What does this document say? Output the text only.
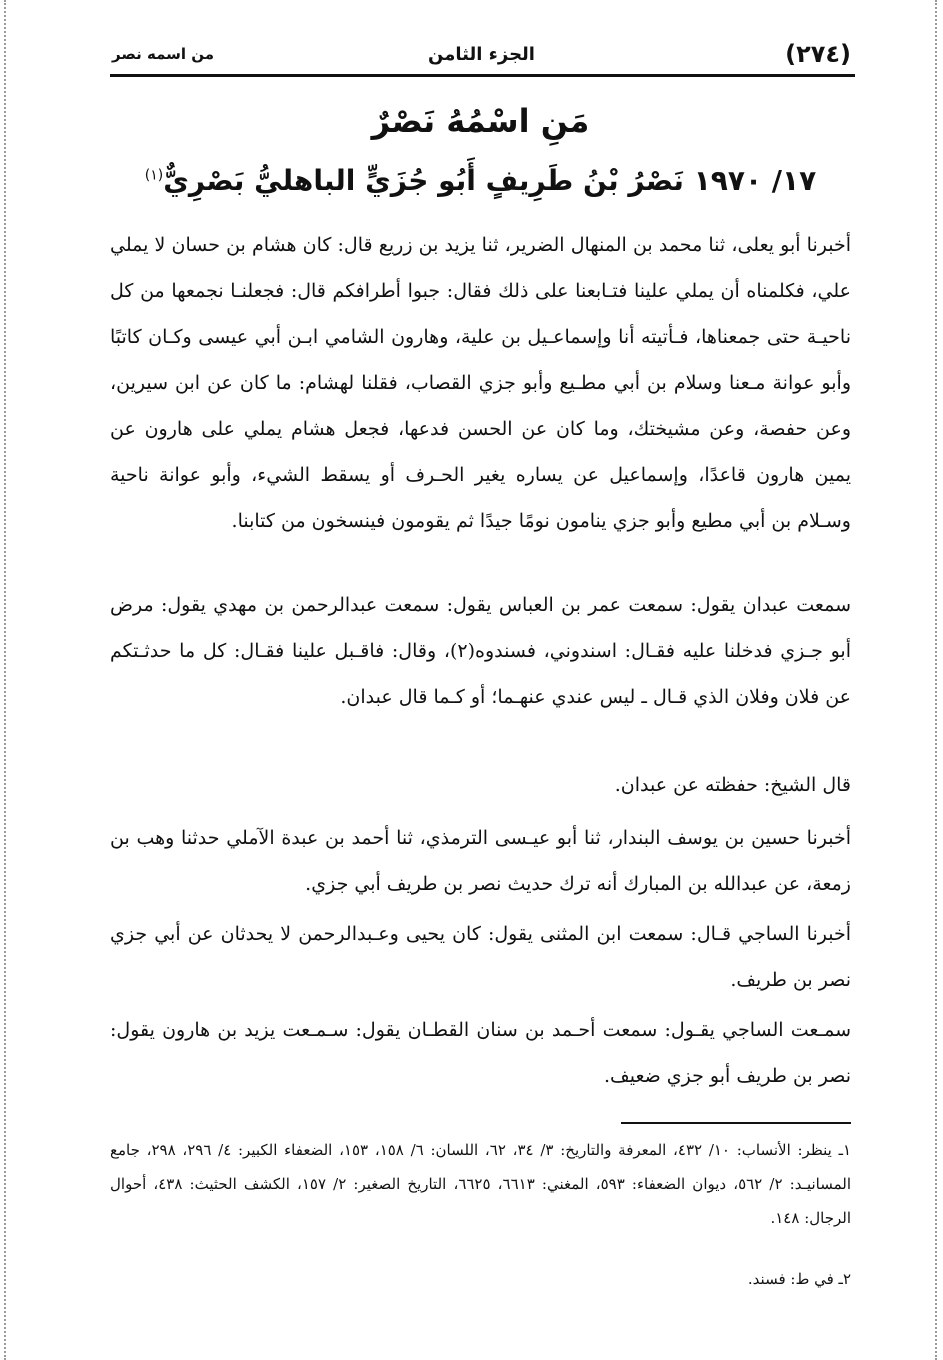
(٢٧٤)
الجزء الثامن
من اسمه نصر
مَنِ اسْمُهُ نَصْرٌ
١٧/ ١٩٧٠ نَصْرُ بْنُ طَرِيفٍ أَبُو جُزَيٍّ الباهليُّ بَصْرِيٌّ$^{(١)}$
أخبرنا أبو يعلى، ثنا محمد بن المنهال الضرير، ثنا يزيد بن زريع قال: كان هشام بن حسان لا يملي علي، فكلمناه أن يملي علينا فتـابعنا على ذلك فقال: جبوا أطرافكم قال: فجعلنـا نجمعها من كل ناحيـة حتى جمعناها، فـأتيته أنا وإسماعـيل بن علية، وهارون الشامي ابـن أبي عيسى وكـان كاتبًا وأبو عوانة مـعنا وسلام بن أبي مطـيع وأبو جزي القصاب، فقلنا لهشام: ما كان عن ابن سيرين، وعن حفصة، وعن مشيختك، وما كان عن الحسن فدعها، فجعل هشام يملي على هارون عن يمين هارون قاعدًا، وإسماعيل عن يساره يغير الحـرف أو يسقط الشيء، وأبو عوانة ناحية وسـلام بن أبي مطيع وأبو جزي ينامون نومًا جيدًا ثم يقومون فينسخون من كتابنا.
سمعت عبدان يقول: سمعت عمر بن العباس يقول: سمعت عبدالرحمن بن مهدي يقول: مرض أبو جـزي فدخلنا عليه فقـال: اسندوني، فسندوه(٢)، وقال: فاقـبل علينا فقـال: كل ما حدثـتكم عن فلان وفلان الذي قـال ـ ليس عندي عنهـما؛ أو كـما قال عبدان.
قال الشيخ: حفظته عن عبدان.
أخبرنا حسين بن يوسف البندار، ثنا أبو عيـسى الترمذي، ثنا أحمد بن عبدة الآملي حدثنا وهب بن زمعة، عن عبدالله بن المبارك أنه ترك حديث نصر بن طريف أبي جزي.
أخبرنا الساجي قـال: سمعت ابن المثنى يقول: كان يحيى وعـبدالرحمن لا يحدثان عن أبي جزي نصر بن طريف.
سمـعت الساجي يقـول: سمعت أحـمد بن سنان القطـان يقول: سـمـعت يزيد بن هارون يقول: نصر بن طريف أبو جزي ضعيف.
١ـ ينظر: الأنساب: ١٠/ ٤٣٢، المعرفة والتاريخ: ٣/ ٣٤، ٦٢، اللسان: ٦/ ١٥٨، ١٥٣، الضعفاء الكبير: ٤/ ٢٩٦، ٢٩٨، جامع المسانيـد: ٢/ ٥٦٢، ديوان الضعفاء: ٥٩٣، المغني: ٦٦١٣، ٦٦٢٥، التاريخ الصغير: ٢/ ١٥٧، الكشف الحثيث: ٤٣٨، أحوال الرجال: ١٤٨.
٢ـ في ط: فسند.
